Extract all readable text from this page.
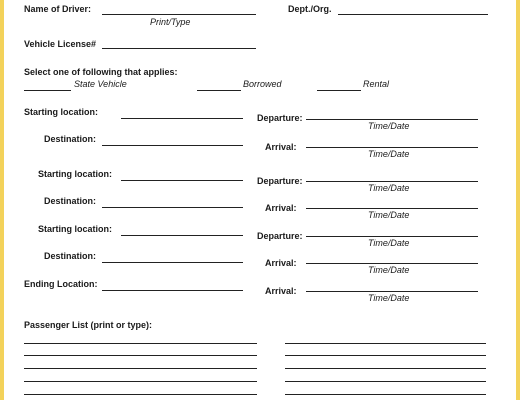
Name of Driver:
Print/Type
Dept./Org.
Vehicle License#
Select one of following that applies:
State Vehicle	Borrowed	Rental
Starting location:
Departure:
Time/Date
Destination:
Arrival:
Time/Date
Starting location:
Departure:
Time/Date
Destination:
Arrival:
Time/Date
Starting location:
Departure:
Time/Date
Destination:
Arrival:
Time/Date
Ending Location:
Arrival:
Time/Date
Passenger List (print or type):
